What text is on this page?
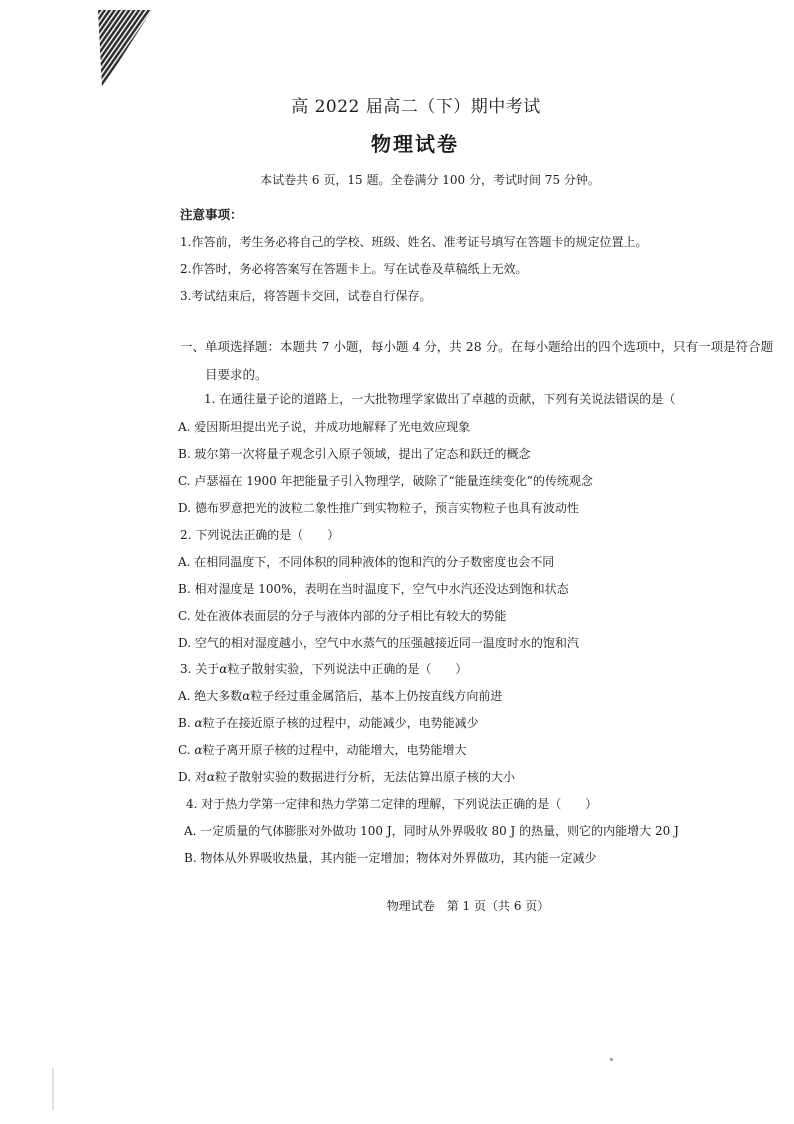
高 2022 届高二（下）期中考试
物理试卷
本试卷共 6 页，15 题。全卷满分 100 分，考试时间 75 分钟。
注意事项：
1.作答前，考生务必将自己的学校、班级、姓名、准考证号填写在答题卡的规定位置上。
2.作答时，务必将答案写在答题卡上。写在试卷及草稿纸上无效。
3.考试结束后，将答题卡交回，试卷自行保存。
一、单项选择题：本题共 7 小题，每小题 4 分，共 28 分。在每小题给出的四个选项中，只有一项是符合题
目要求的。
1. 在通往量子论的道路上，一大批物理学家做出了卓越的贡献，下列有关说法错误的是（
A. 爱因斯坦提出光子说，并成功地解释了光电效应现象
B. 玻尔第一次将量子观念引入原子领域，提出了定态和跃迁的概念
C. 卢瑟福在 1900 年把能量子引入物理学，破除了“能量连续变化”的传统观念
D. 德布罗意把光的波粒二象性推广到实物粒子，预言实物粒子也具有波动性
2. 下列说法正确的是（　　）
A. 在相同温度下，不同体积的同种液体的饱和汽的分子数密度也会不同
B. 相对湿度是 100%，表明在当时温度下，空气中水汽还没达到饱和状态
C. 处在液体表面层的分子与液体内部的分子相比有较大的势能
D. 空气的相对湿度越小，空气中水蒸气的压强越接近同一温度时水的饱和汽
3. 关于α粒子散射实验，下列说法中正确的是（　　）
A. 绝大多数α粒子经过重金属箔后，基本上仍按直线方向前进
B. α粒子在接近原子核的过程中，动能减少，电势能减少
C. α粒子离开原子核的过程中，动能增大，电势能增大
D. 对α粒子散射实验的数据进行分析，无法估算出原子核的大小
4. 对于热力学第一定律和热力学第二定律的理解，下列说法正确的是（　　）
A. 一定质量的气体膨胀对外做功 100 J，同时从外界吸收 80 J 的热量，则它的内能增大 20 J
B. 物体从外界吸收热量，其内能一定增加；物体对外界做功，其内能一定减少
物理试卷　第 1 页（共 6 页）
